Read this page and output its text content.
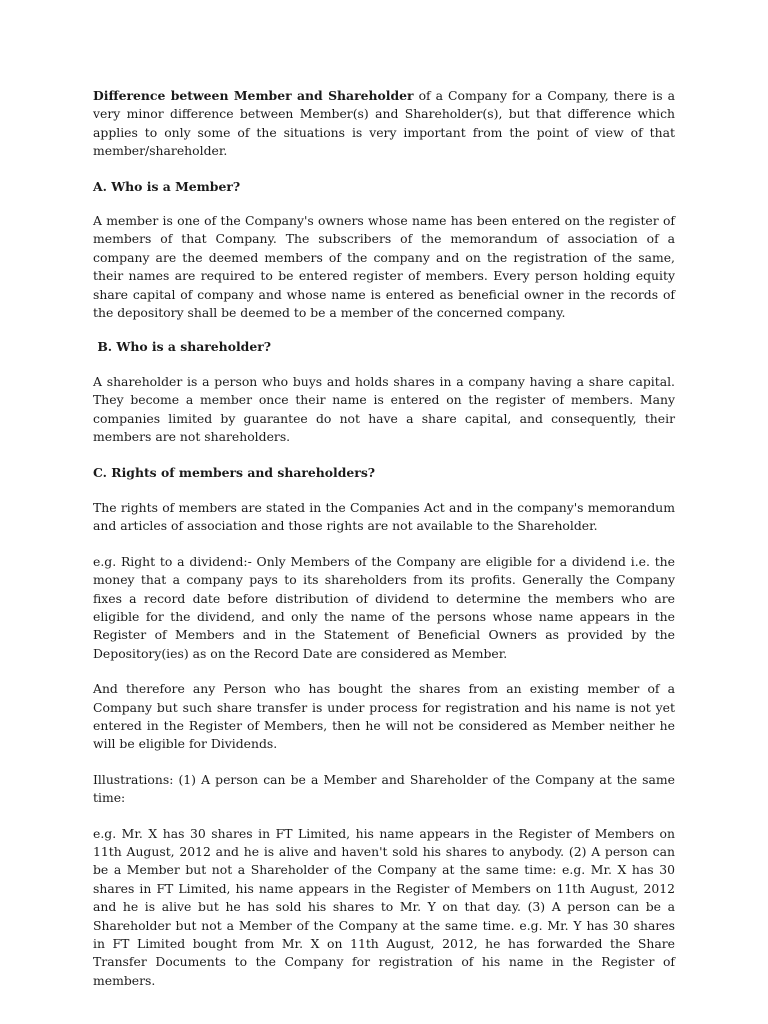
Difference between Member and Shareholder of a Company for a Company, there is a very minor difference between Member(s) and Shareholder(s), but that difference which applies to only some of the situations is very important from the point of view of that member/shareholder.

A. Who is a Member?

A member is one of the Company's owners whose name has been entered on the register of members of that Company. The subscribers of the memorandum of association of a company are the deemed members of the company and on the registration of the same, their names are required to be entered register of members. Every person holding equity share capital of company and whose name is entered as beneficial owner in the records of the depository shall be deemed to be a member of the concerned company.

B. Who is a shareholder?

A shareholder is a person who buys and holds shares in a company having a share capital. They become a member once their name is entered on the register of members. Many companies limited by guarantee do not have a share capital, and consequently, their members are not shareholders.

C. Rights of members and shareholders?

The rights of members are stated in the Companies Act and in the company's memorandum and articles of association and those rights are not available to the Shareholder.

e.g. Right to a dividend:- Only Members of the Company are eligible for a dividend i.e. the money that a company pays to its shareholders from its profits. Generally the Company fixes a record date before distribution of dividend to determine the members who are eligible for the dividend, and only the name of the persons whose name appears in the Register of Members and in the Statement of Beneficial Owners as provided by the Depository(ies) as on the Record Date are considered as Member.

And therefore any Person who has bought the shares from an existing member of a Company but such share transfer is under process for registration and his name is not yet entered in the Register of Members, then he will not be considered as Member neither he will be eligible for Dividends.

Illustrations: (1) A person can be a Member and Shareholder of the Company at the same time:

e.g. Mr. X has 30 shares in FT Limited, his name appears in the Register of Members on 11th August, 2012 and he is alive and haven't sold his shares to anybody. (2) A person can be a Member but not a Shareholder of the Company at the same time: e.g. Mr. X has 30 shares in FT Limited, his name appears in the Register of Members on 11th August, 2012 and he is alive but he has sold his shares to Mr. Y on that day. (3) A person can be a Shareholder but not a Member of the Company at the same time. e.g. Mr. Y has 30 shares in FT Limited bought from Mr. X on 11th August, 2012, he has forwarded the Share Transfer Documents to the Company for registration of his name in the Register of members.
